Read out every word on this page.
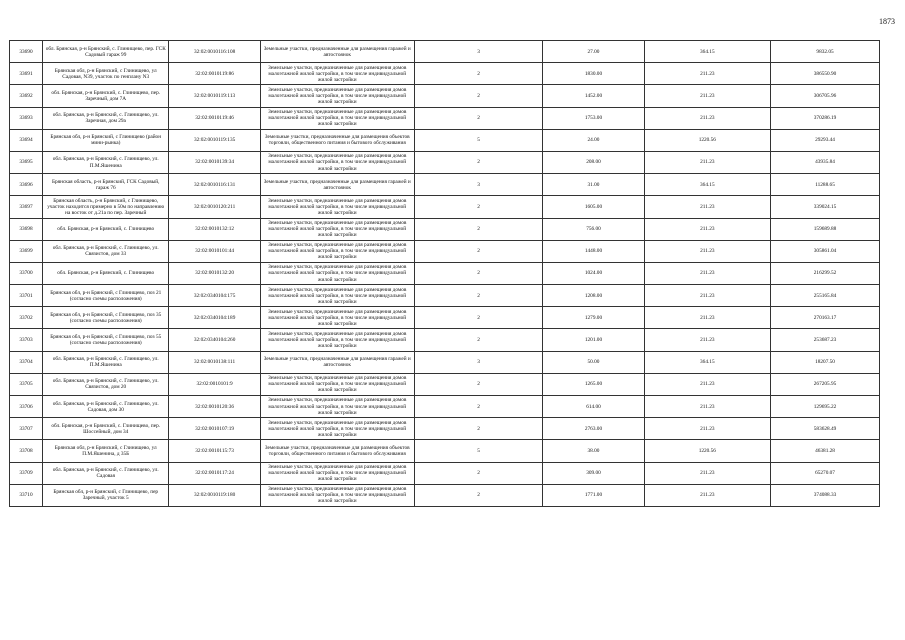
1873
33690	обл. Брянская, р-н Брянский, с. Глинищево, пер. ГСК Садовый гараж 99	32:02:0010116:108	Земельные участки, предназначенные для размещения гаражей и автостоянок	3	27.00	364.15	9832.05
33691	Брянская обл, р-н Брянский, с Глинищево, ул Садовая, N39, участок по генплану N3	32:02:0010119:86	Земельные участки, предназначенные для размещения домов малоэтажной жилой застройки, в том числе индивидуальной жилой застройки	2	1830.00	211.23	386550.90
33692	обл. Брянская, р-н Брянский, с. Глинищево, пер. Заречный, дом 7А	32:02:0010119:113	Земельные участки, предназначенные для размещения домов малоэтажной жилой застройки, в том числе индивидуальной жилой застройки	2	1452.00	211.23	306705.96
33693	обл. Брянская, р-н Брянский, с. Глинищево, ул. Заречная, дом 29а	32:02:0010119:46	Земельные участки, предназначенные для размещения домов малоэтажной жилой застройки, в том числе индивидуальной жилой застройки	2	1753.00	211.23	370286.19
33694	Брянская обл, р-н Брянский, с Глинищево (район мини-рынка)	32:02:0010119:135	Земельные участки, предназначенные для размещения объектов торговли, общественного питания и бытового обслуживания	5	24.00	1220.56	29293.44
33695	обл. Брянская, р-н Брянский, с. Глинищево, ул. П.М.Яшенина	32:02:0010139:34	Земельные участки, предназначенные для размещения домов малоэтажной жилой застройки, в том числе индивидуальной жилой застройки	2	208.00	211.23	43935.84
33696	Брянская область, р-н Брянский, ГСК Садовый, гараж 76	32:02:0010116:131	Земельные участки, предназначенные для размещения гаражей и автостоянок	3	31.00	364.15	11288.65
33697	Брянская область, р-н Брянский, с Глинищево, участок находится примерно в 50м по направлению на восток от д.21а по пер. Заречный	32:02:0010120:211	Земельные участки, предназначенные для размещения домов малоэтажной жилой застройки, в том числе индивидуальной жилой застройки	2	1605.00	211.23	339024.15
33698	обл. Брянская, р-н Брянский, с. Глинищево	32:02:0010132:12	Земельные участки, предназначенные для размещения домов малоэтажной жилой застройки, в том числе индивидуальной жилой застройки	2	756.00	211.23	159689.88
33699	обл. Брянская, р-н Брянский, с. Глинищево, ул. Связистов, дом 33	32:02:0010101:44	Земельные участки, предназначенные для размещения домов малоэтажной жилой застройки, в том числе индивидуальной жилой застройки	2	1448.00	211.23	305861.04
33700	обл. Брянская, р-н Брянский, с. Глинищево	32:02:0010132:20	Земельные участки, предназначенные для размещения домов малоэтажной жилой застройки, в том числе индивидуальной жилой застройки	2	1024.00	211.23	216299.52
33701	Брянская обл, р-н Брянский, с Глинищево, поз 21 (согласно схемы расположения)	32:02:0340104:175	Земельные участки, предназначенные для размещения домов малоэтажной жилой застройки, в том числе индивидуальной жилой застройки	2	1208.00	211.23	255165.84
33702	Брянская обл, р-н Брянский, с Глинищево, поз 35 (согласно схемы расположения)	32:02:0340104:189	Земельные участки, предназначенные для размещения домов малоэтажной жилой застройки, в том числе индивидуальной жилой застройки	2	1279.00	211.23	270163.17
33703	Брянская обл, р-н Брянский, с Глинищево, поз 55 (согласно схемы расположения)	32:02:0340104:260	Земельные участки, предназначенные для размещения домов малоэтажной жилой застройки, в том числе индивидуальной жилой застройки	2	1201.00	211.23	253687.23
33704	обл. Брянская, р-н Брянский, с. Глинищево, ул. П.М.Яшенина	32:02:0010138:111	Земельные участки, предназначенные для размещения гаражей и автостоянок	3	50.00	364.15	18207.50
33705	обл. Брянская, р-н Брянский, с. Глинищево, ул. Связистов, дом 20	32:02:0010101:9	Земельные участки, предназначенные для размещения домов малоэтажной жилой застройки, в том числе индивидуальной жилой застройки	2	1265.00	211.23	267205.95
33706	обл. Брянская, р-н Брянский, с. Глинищево, ул. Садовая, дом 30	32:02:0010120:36	Земельные участки, предназначенные для размещения домов малоэтажной жилой застройки, в том числе индивидуальной жилой застройки	2	614.00	211.23	129695.22
33707	обл. Брянская, р-н Брянский, с. Глинищево, пер. Шоссейный, дом 34	32:02:0010107:19	Земельные участки, предназначенные для размещения домов малоэтажной жилой застройки, в том числе индивидуальной жилой застройки	2	2763.00	211.23	583628.49
33708	Брянская обл, р-н Брянский, с Глинищево, ул П.М.Яшенина, д 35Б	32:02:0010115:73	Земельные участки, предназначенные для размещения объектов торговли, общественного питания и бытового обслуживания	5	38.00	1220.56	46381.28
33709	обл. Брянская, р-н Брянский, с. Глинищево, ул. Садовая	32:02:0010117:24	Земельные участки, предназначенные для размещения домов малоэтажной жилой застройки, в том числе индивидуальной жилой застройки	2	309.00	211.23	65270.07
33710	Брянская обл, р-н Брянский, с Глинищево, пер Заречный, участок 5	32:02:0010119:180	Земельные участки, предназначенные для размещения домов малоэтажной жилой застройки, в том числе индивидуальной жилой застройки	2	1771.00	211.23	374088.33
